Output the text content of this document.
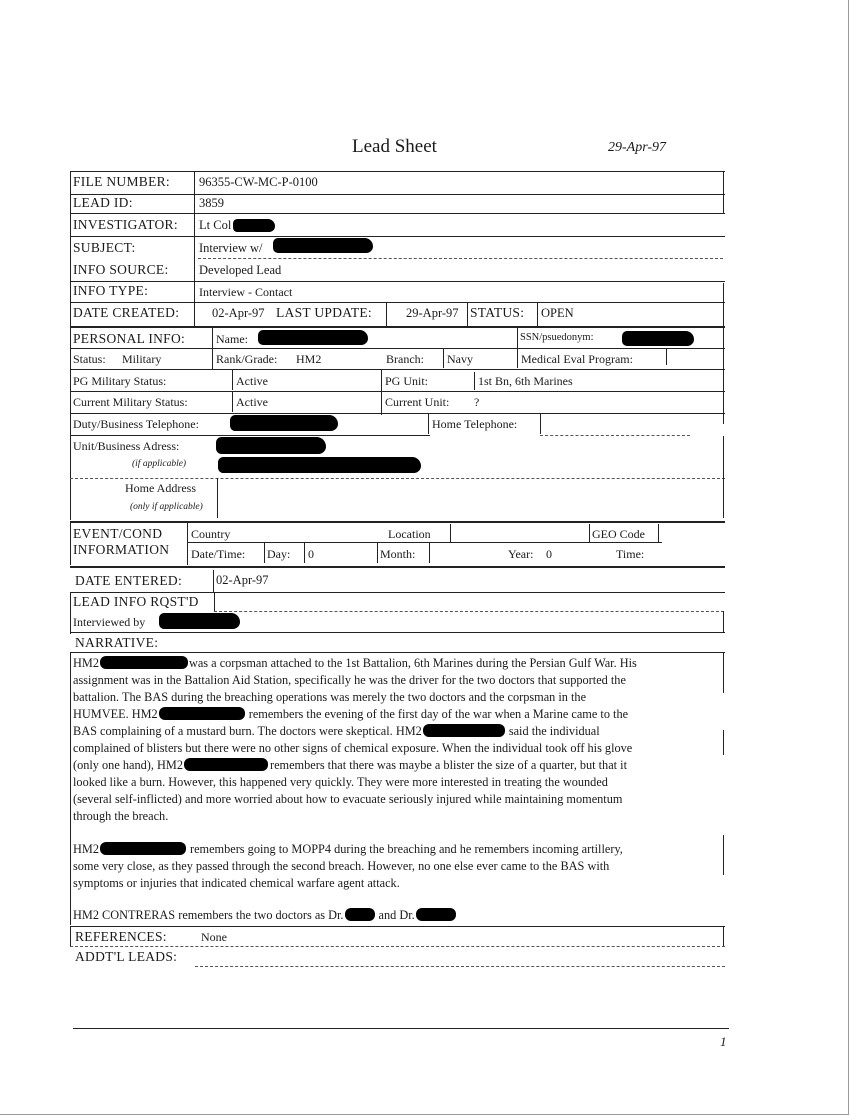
Lead Sheet	29-Apr-97
FILE NUMBER: 96355-CW-MC-P-0100
LEAD ID:	3859
INVESTIGATOR: Lt Col
SUBJECT:	Interview w/
INFO SOURCE: Developed Lead
INFO TYPE:	Interview - Contact
DATE CREATED:	02-Apr-97 LAST UPDATE:	29-Apr-97 STATUS: OPEN
PERSONAL INFO:	Name:	SSN/psuedonym:
Status: Military	Rank/Grade: HM2	Branch: Navy	Medical Eval Program:
PG Military Status:	Active	PG Unit:	1st Bn, 6th Marines
Current Military Status:	Active	Current Unit: ?
Duty/Business Telephone:	Home Telephone:
Unit/Business Adress:
(if applicable)
Home Address
(only if applicable)
EVENT/COND
INFORMATION
Country	Location	GEO Code
Date/Time: Day: 0	Month:	Year: 0	Time:
DATE ENTERED:	02-Apr-97
LEAD INFO RQST'D
Interviewed by
NARRATIVE:
HM2	was a corpsman attached to the 1st Battalion, 6th Marines during the Persian Gulf War. His
assignment was in the Battalion Aid Station, specifically he was the driver for the two doctors that supported the
battalion. The BAS during the breaching operations was merely the two doctors and the corpsman in the
HUMVEE. HM2	remembers the evening of the first day of the war when a Marine came to the
BAS complaining of a mustard burn. The doctors were skeptical. HM2	said the individual
complained of blisters but there were no other signs of chemical exposure. When the individual took off his glove
(only one hand), HM2	remembers that there was maybe a blister the size of a quarter, but that it
looked like a burn. However, this happened very quickly. They were more interested in treating the wounded
(several self-inflicted) and more worried about how to evacuate seriously injured while maintaining momentum
through the breach.
HM2	remembers going to MOPP4 during the breaching and he remembers incoming artillery,
some very close, as they passed through the second breach. However, no one else ever came to the BAS with
symptoms or injuries that indicated chemical warfare agent attack.
HM2 CONTRERAS remembers the two doctors as Dr.	and Dr.
REFERENCES:	None
ADDT'L LEADS:
1
